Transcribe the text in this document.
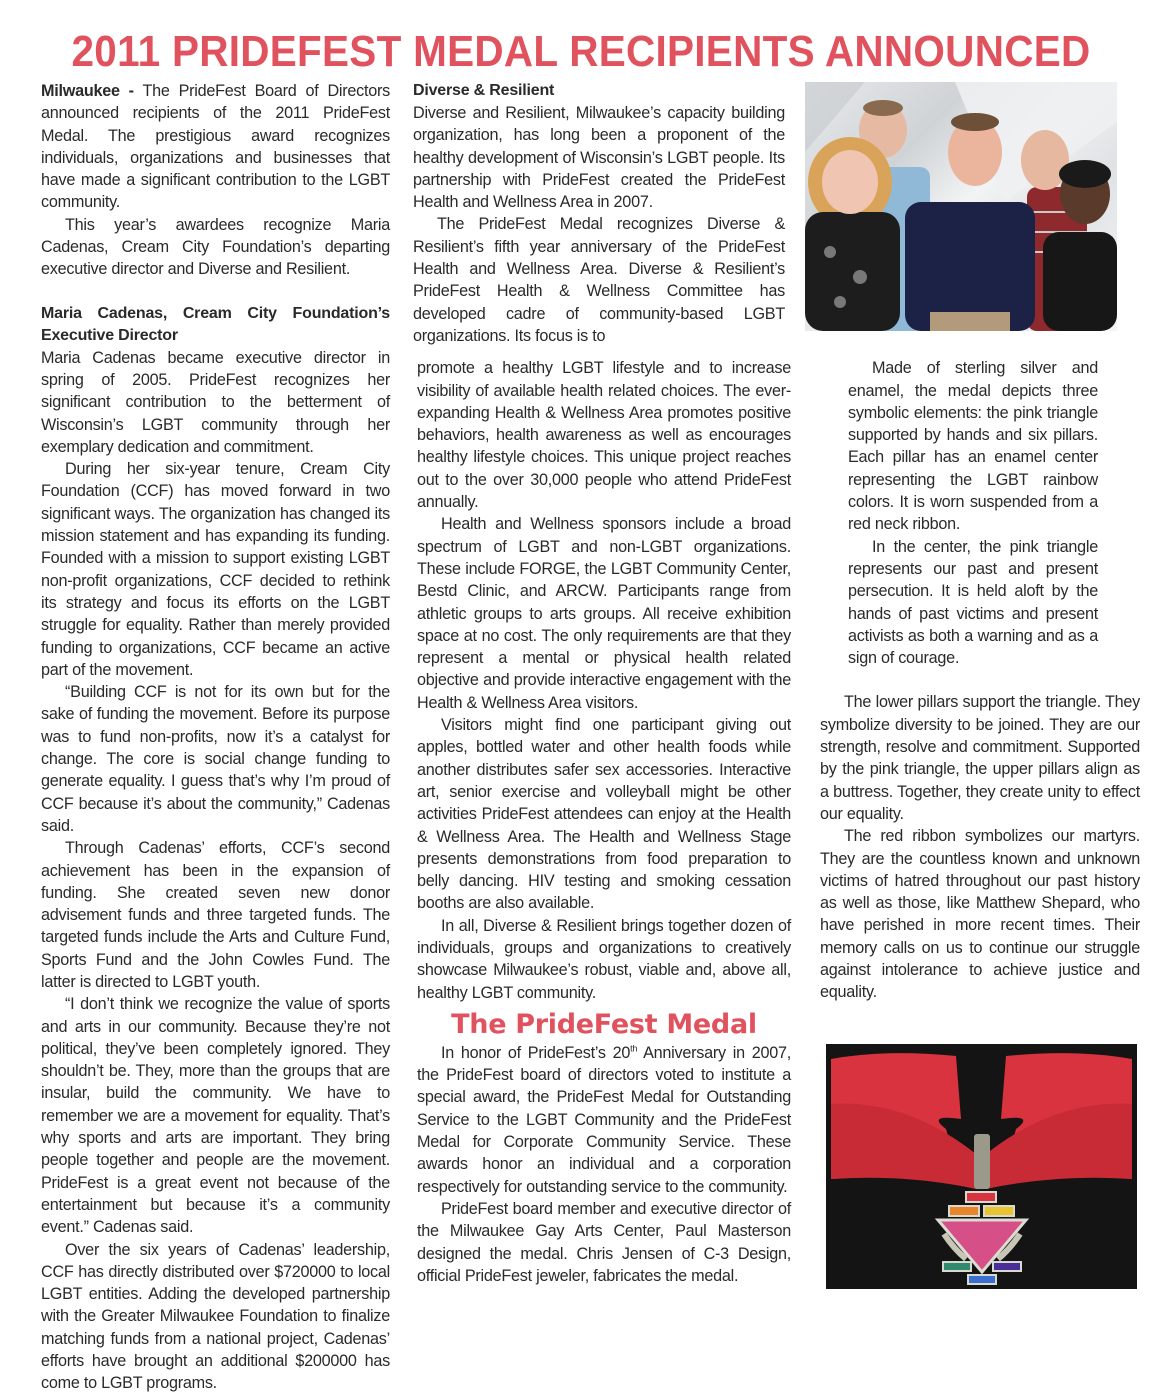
2011 PRIDEFEST MEDAL RECIPIENTS ANNOUNCED

Milwaukee - The PrideFest Board of Directors announced recipients of the 2011 PrideFest Medal. The prestigious award recognizes individuals, organizations and businesses that have made a significant contribution to the LGBT community.

This year’s awardees recognize Maria Cadenas, Cream City Foundation’s departing executive director and Diverse and Resilient.

Maria Cadenas, Cream City Foundation’s Executive Director

Maria Cadenas became executive director in spring of 2005. PrideFest recognizes her significant contribution to the betterment of Wisconsin’s LGBT community through her exemplary dedication and commitment.

During her six-year tenure, Cream City Foundation (CCF) has moved forward in two significant ways. The organization has changed its mission statement and has expanding its funding. Founded with a mission to support existing LGBT non-profit organizations, CCF decided to rethink its strategy and focus its efforts on the LGBT struggle for equality. Rather than merely provided funding to organizations, CCF became an active part of the movement.

“Building CCF is not for its own but for the sake of funding the movement. Before its purpose was to fund non-profits, now it’s a catalyst for change. The core is social change funding to generate equality. I guess that’s why I’m proud of CCF because it’s about the community,” Cadenas said.

Through Cadenas’ efforts, CCF’s second achievement has been in the expansion of funding. She created seven new donor advisement funds and three targeted funds. The targeted funds include the Arts and Culture Fund, Sports Fund and the John Cowles Fund. The latter is directed to LGBT youth.

“I don’t think we recognize the value of sports and arts in our community. Because they’re not political, they’ve been completely ignored. They shouldn’t be. They, more than the groups that are insular, build the community. We have to remember we are a movement for equality. That’s why sports and arts are important. They bring people together and people are the movement. PrideFest is a great event not because of the entertainment but because it’s a community event.” Cadenas said.

Over the six years of Cadenas’ leadership, CCF has directly distributed over $720000 to local LGBT entities. Adding the developed partnership with the Greater Milwaukee Foundation to finalize matching funds from a national project, Cadenas’ efforts have brought an additional $200000 has come to LGBT programs.

Diverse & Resilient

Diverse and Resilient, Milwaukee’s capacity building organization, has long been a proponent of the healthy development of Wisconsin’s LGBT people. Its partnership with PrideFest created the PrideFest Health and Wellness Area in 2007.

The PrideFest Medal recognizes Diverse & Resilient’s fifth year anniversary of the PrideFest Health and Wellness Area. Diverse & Resilient’s PrideFest Health & Wellness Committee has developed cadre of community-based LGBT organizations. Its focus is to

promote a healthy LGBT lifestyle and to increase visibility of available health related choices. The ever-expanding Health & Wellness Area promotes positive behaviors, health awareness as well as encourages healthy lifestyle choices. This unique project reaches out to the over 30,000 people who attend PrideFest annually.

Health and Wellness sponsors include a broad spectrum of LGBT and non-LGBT organizations. These include FORGE, the LGBT Community Center, Bestd Clinic, and ARCW. Participants range from athletic groups to arts groups. All receive exhibition space at no cost. The only requirements are that they represent a mental or physical health related objective and provide interactive engagement with the Health & Wellness Area visitors.

Visitors might find one participant giving out apples, bottled water and other health foods while another distributes safer sex accessories. Interactive art, senior exercise and volleyball might be other activities PrideFest attendees can enjoy at the Health & Wellness Area. The Health and Wellness Stage presents demonstrations from food preparation to belly dancing. HIV testing and smoking cessation booths are also available.

In all, Diverse & Resilient brings together dozen of individuals, groups and organizations to creatively showcase Milwaukee’s robust, viable and, above all, healthy LGBT community.

The PrideFest Medal

In honor of PrideFest’s 20th Anniversary in 2007, the PrideFest board of directors voted to institute a special award, the PrideFest Medal for Outstanding Service to the LGBT Community and the PrideFest Medal for Corporate Community Service. These awards honor an individual and a corporation respectively for outstanding service to the community.

PrideFest board member and executive director of the Milwaukee Gay Arts Center, Paul Masterson designed the medal. Chris Jensen of C-3 Design, official PrideFest jeweler, fabricates the medal.

Made of sterling silver and enamel, the medal depicts three symbolic elements: the pink triangle supported by hands and six pillars. Each pillar has an enamel center representing the LGBT rainbow colors. It is worn suspended from a red neck ribbon.

In the center, the pink triangle represents our past and present persecution. It is held aloft by the hands of past victims and present activists as both a warning and as a sign of courage.

The lower pillars support the triangle. They symbolize diversity to be joined. They are our strength, resolve and commitment. Supported by the pink triangle, the upper pillars align as a buttress. Together, they create unity to effect our equality.

The red ribbon symbolizes our martyrs. They are the countless known and unknown victims of hatred throughout our past history as well as those, like Matthew Shepard, who have perished in more recent times. Their memory calls on us to continue our struggle against intolerance to achieve justice and equality.
